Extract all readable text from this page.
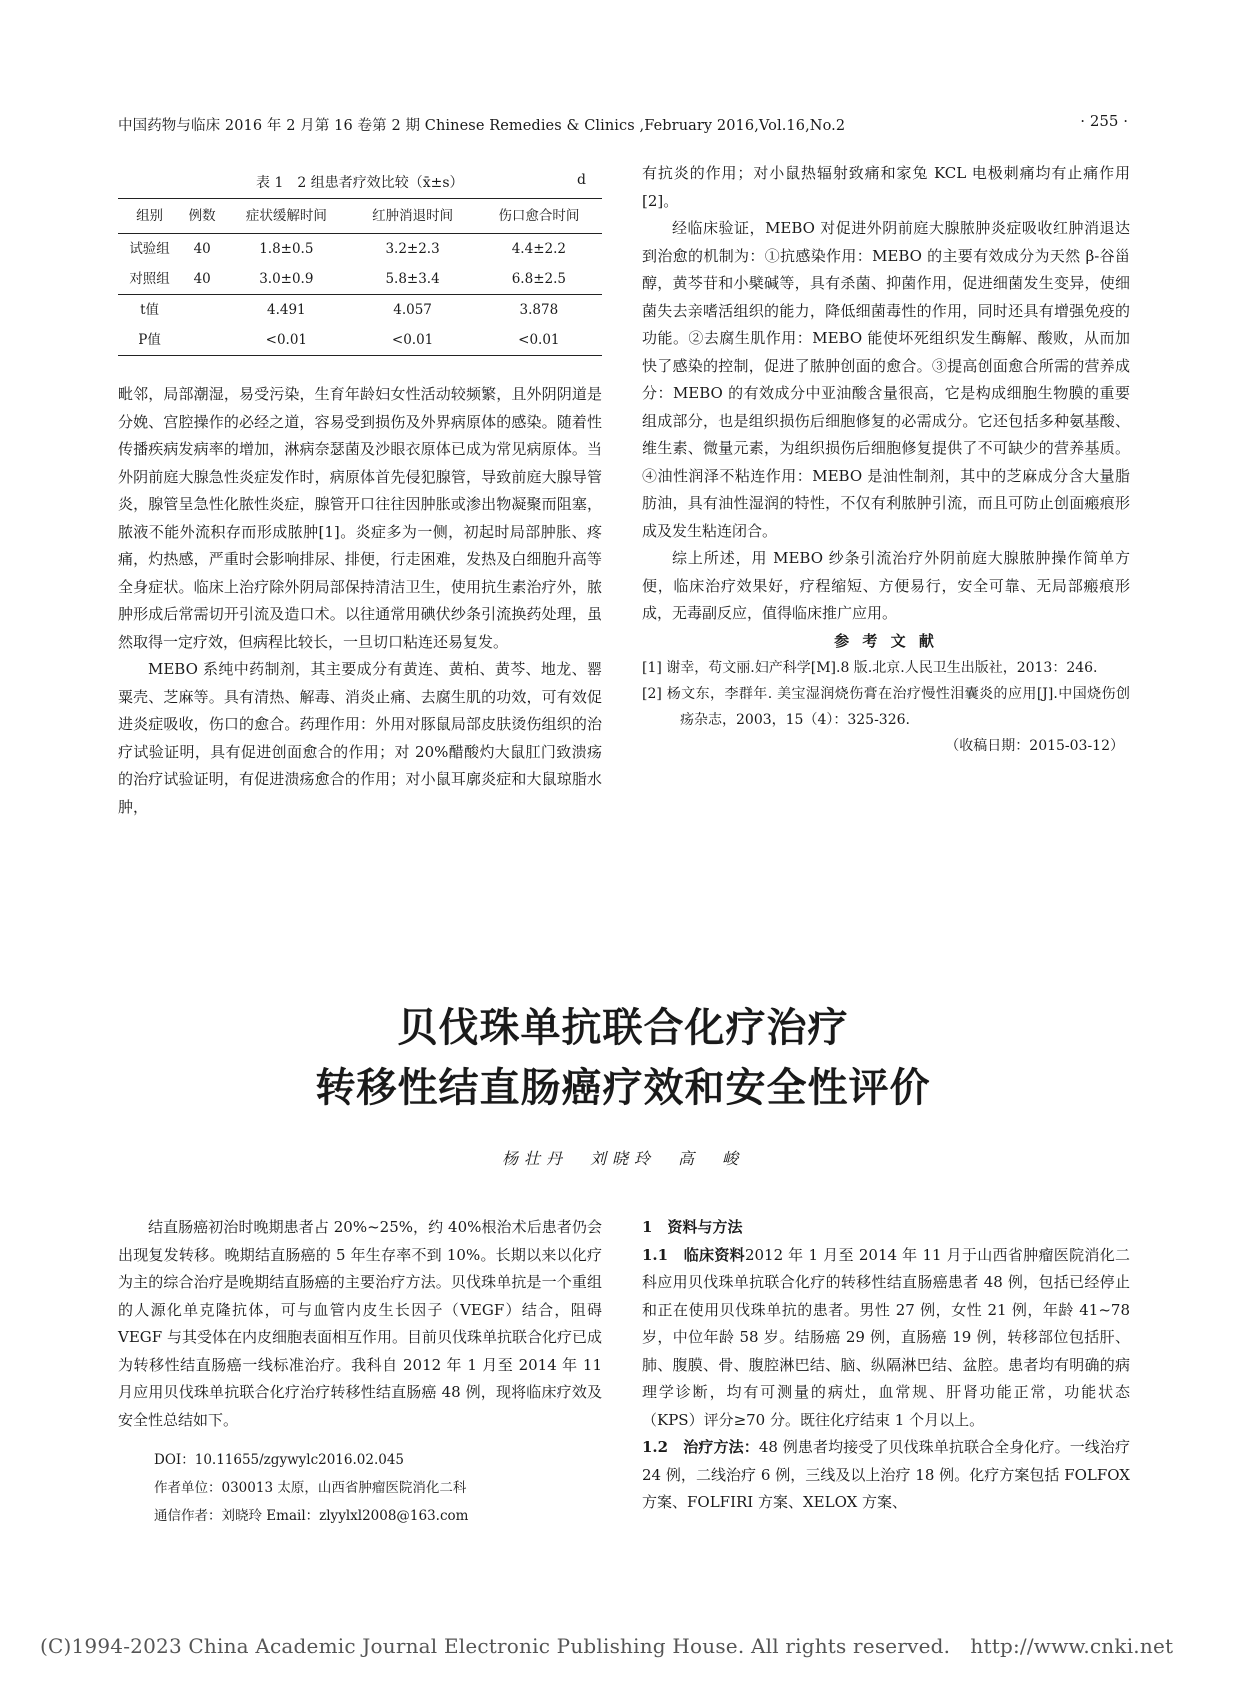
中国药物与临床 2016 年 2 月第 16 卷第 2 期 Chinese Remedies & Clinics ,February 2016,Vol.16,No.2	· 255 ·
表 1　2 组患者疗效比较（x̄±s）	d
组别	例数	症状缓解时间	红肿消退时间	伤口愈合时间
试验组	40	1.8±0.5	3.2±2.3	4.4±2.2
对照组	40	3.0±0.9	5.8±3.4	6.8±2.5
t值		4.491	4.057	3.878
P值		<0.01	<0.01	<0.01

毗邻，局部潮湿，易受污染，生育年龄妇女性活动较频繁，且外阴阴道是分娩、宫腔操作的必经之道，容易受到损伤及外界病原体的感染。随着性传播疾病发病率的增加，淋病奈瑟菌及沙眼衣原体已成为常见病原体。当外阴前庭大腺急性炎症发作时，病原体首先侵犯腺管，导致前庭大腺导管炎，腺管呈急性化脓性炎症，腺管开口往往因肿胀或渗出物凝聚而阻塞，脓液不能外流积存而形成脓肿[1]。炎症多为一侧，初起时局部肿胀、疼痛，灼热感，严重时会影响排尿、排便，行走困难，发热及白细胞升高等全身症状。临床上治疗除外阴局部保持清洁卫生，使用抗生素治疗外，脓肿形成后常需切开引流及造口术。以往通常用碘伏纱条引流换药处理，虽然取得一定疗效，但病程比较长，一旦切口粘连还易复发。

MEBO 系纯中药制剂，其主要成分有黄连、黄柏、黄芩、地龙、罂粟壳、芝麻等。具有清热、解毒、消炎止痛、去腐生肌的功效，可有效促进炎症吸收，伤口的愈合。药理作用：外用对豚鼠局部皮肤烫伤组织的治疗试验证明，具有促进创面愈合的作用；对 20%醋酸灼大鼠肛门致溃疡的治疗试验证明，有促进溃疡愈合的作用；对小鼠耳廓炎症和大鼠琼脂水肿，

有抗炎的作用；对小鼠热辐射致痛和家兔 KCL 电极刺痛均有止痛作用[2]。

经临床验证，MEBO 对促进外阴前庭大腺脓肿炎症吸收红肿消退达到治愈的机制为：①抗感染作用：MEBO 的主要有效成分为天然 β-谷甾醇，黄芩苷和小檗碱等，具有杀菌、抑菌作用，促进细菌发生变异，使细菌失去亲嗜活组织的能力，降低细菌毒性的作用，同时还具有增强免疫的功能。②去腐生肌作用：MEBO 能使坏死组织发生酶解、酸败，从而加快了感染的控制，促进了脓肿创面的愈合。③提高创面愈合所需的营养成分：MEBO 的有效成分中亚油酸含量很高，它是构成细胞生物膜的重要组成部分，也是组织损伤后细胞修复的必需成分。它还包括多种氨基酸、维生素、微量元素，为组织损伤后细胞修复提供了不可缺少的营养基质。④油性润泽不粘连作用：MEBO 是油性制剂，其中的芝麻成分含大量脂肪油，具有油性湿润的特性，不仅有利脓肿引流，而且可防止创面瘢痕形成及发生粘连闭合。

综上所述，用 MEBO 纱条引流治疗外阴前庭大腺脓肿操作简单方便，临床治疗效果好，疗程缩短、方便易行，安全可靠、无局部瘢痕形成，无毒副反应，值得临床推广应用。

参 考 文 献

[1] 谢幸，苟文丽.妇产科学[M].8 版.北京.人民卫生出版社，2013：246.

[2] 杨文东，李群年. 美宝湿润烧伤膏在治疗慢性泪囊炎的应用[J].中国烧伤创疡杂志，2003，15（4）：325-326.

（收稿日期：2015-03-12）

贝伐珠单抗联合化疗治疗
转移性结直肠癌疗效和安全性评价
杨壮丹　刘晓玲　高　峻

结直肠癌初治时晚期患者占 20%~25%，约 40%根治术后患者仍会出现复发转移。晚期结直肠癌的 5 年生存率不到 10%。长期以来以化疗为主的综合治疗是晚期结直肠癌的主要治疗方法。贝伐珠单抗是一个重组的人源化单克隆抗体，可与血管内皮生长因子（VEGF）结合，阻碍 VEGF 与其受体在内皮细胞表面相互作用。目前贝伐珠单抗联合化疗已成为转移性结直肠癌一线标准治疗。我科自 2012 年 1 月至 2014 年 11 月应用贝伐珠单抗联合化疗治疗转移性结直肠癌 48 例，现将临床疗效及安全性总结如下。

DOI：10.11655/zgywylc2016.02.045
作者单位：030013 太原，山西省肿瘤医院消化二科
通信作者：刘晓玲 Email：zlyylxl2008@163.com

1　资料与方法

1.1　临床资料2012 年 1 月至 2014 年 11 月于山西省肿瘤医院消化二科应用贝伐珠单抗联合化疗的转移性结直肠癌患者 48 例，包括已经停止和正在使用贝伐珠单抗的患者。男性 27 例，女性 21 例，年龄 41~78 岁，中位年龄 58 岁。结肠癌 29 例，直肠癌 19 例，转移部位包括肝、肺、腹膜、骨、腹腔淋巴结、脑、纵隔淋巴结、盆腔。患者均有明确的病理学诊断，均有可测量的病灶，血常规、肝肾功能正常，功能状态（KPS）评分≥70 分。既往化疗结束 1 个月以上。

1.2　治疗方法：48 例患者均接受了贝伐珠单抗联合全身化疗。一线治疗 24 例，二线治疗 6 例，三线及以上治疗 18 例。化疗方案包括 FOLFOX 方案、FOLFIRI 方案、XELOX 方案、

(C)1994-2023 China Academic Journal Electronic Publishing House. All rights reserved.　http://www.cnki.net
